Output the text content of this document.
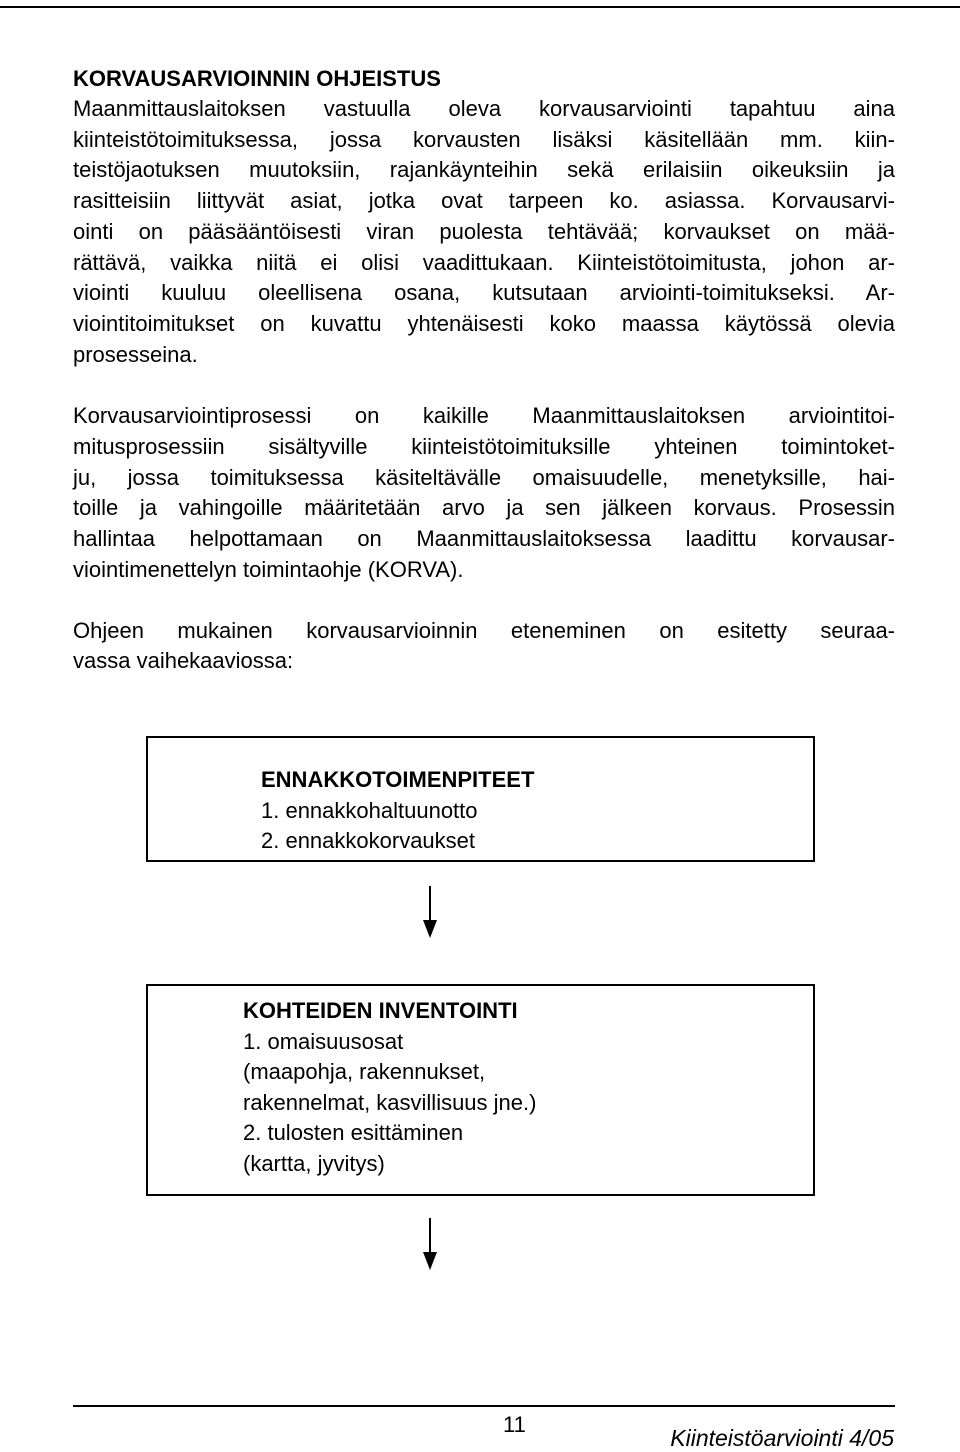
KORVAUSARVIOINNIN OHJEISTUS
Maanmittauslaitoksen vastuulla oleva korvausarviointi tapahtuu aina
kiinteistötoimituksessa, jossa korvausten lisäksi käsitellään mm. kiin-
teistöjaotuksen muutoksiin, rajankäynteihin sekä erilaisiin oikeuksiin ja
rasitteisiin liittyvät asiat, jotka ovat tarpeen ko. asiassa. Korvausarvi-
ointi on pääsääntöisesti viran puolesta tehtävää; korvaukset on mää-
rättävä, vaikka niitä ei olisi vaadittukaan. Kiinteistötoimitusta, johon ar-
viointi kuuluu oleellisena osana, kutsutaan arviointi-toimitukseksi. Ar-
viointitoimitukset on kuvattu yhtenäisesti koko maassa käytössä olevia
prosesseina.
Korvausarviointiprosessi on kaikille Maanmittauslaitoksen arviointitoi-
mitusprosessiin sisältyville kiinteistötoimituksille yhteinen toimintoket-
ju, jossa toimituksessa käsiteltävälle omaisuudelle, menetyksille, hai-
toille ja vahingoille määritetään arvo ja sen jälkeen korvaus. Prosessin
hallintaa helpottamaan on Maanmittauslaitoksessa laadittu korvausar-
viointimenettelyn toimintaohje (KORVA).
Ohjeen mukainen korvausarvioinnin eteneminen on esitetty seuraa-
vassa vaihekaaviossa:

ENNAKKOTOIMENPITEET

1. ennakkohaltuunotto

2. ennakkokorvaukset

KOHTEIDEN INVENTOINTI

1. omaisuusosat

(maapohja, rakennukset,

rakennelmat, kasvillisuus jne.)

2. tulosten esittäminen

(kartta, jyvitys)

11
Kiinteistöarviointi 4/05
